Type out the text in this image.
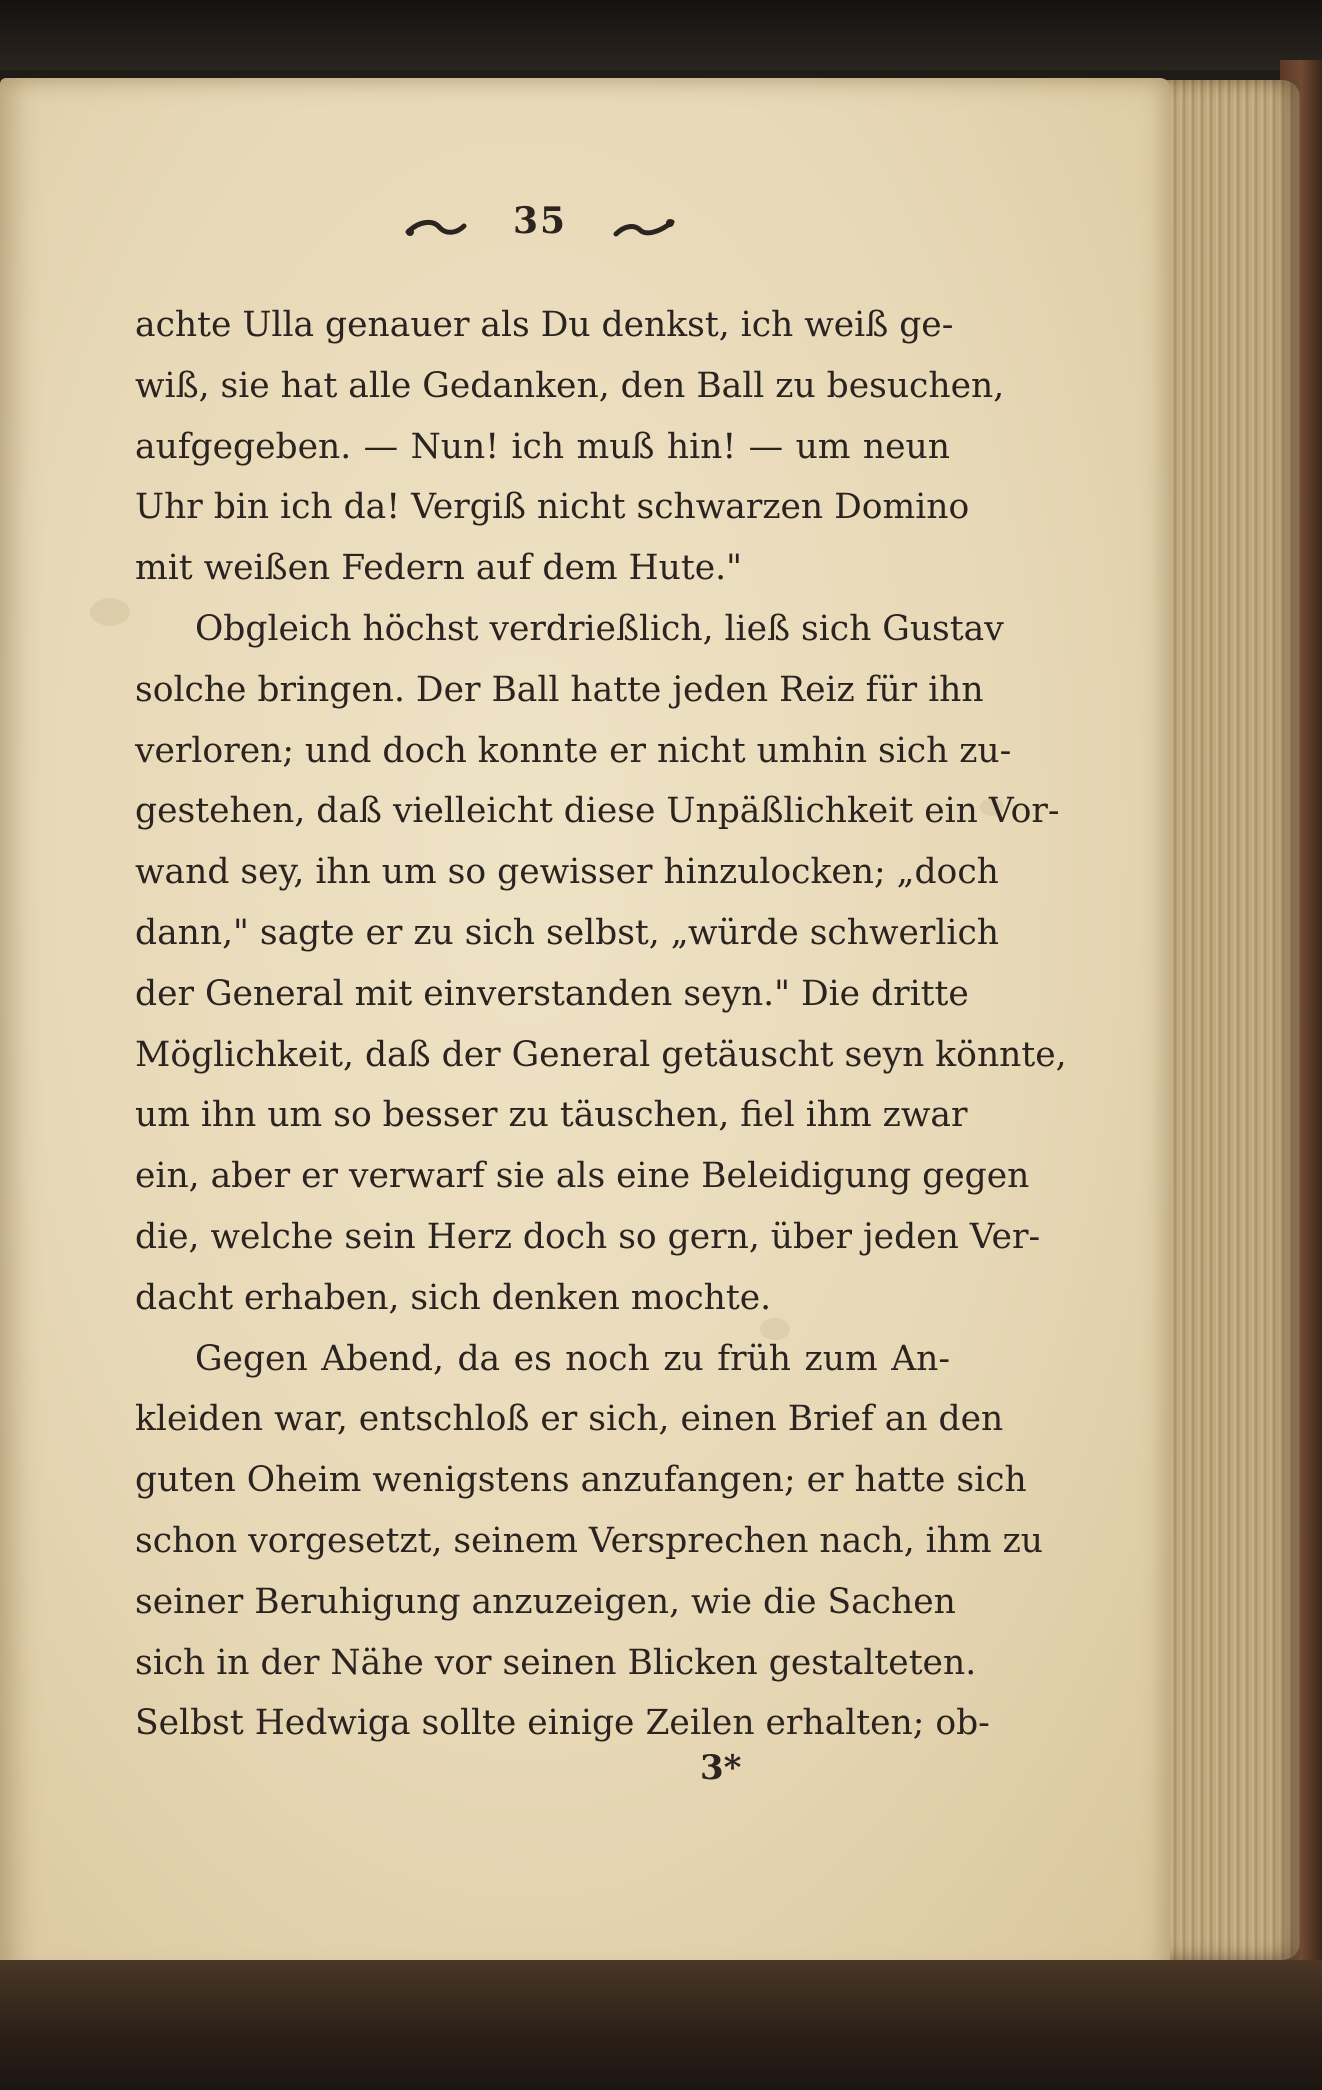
35
achte Ulla genauer als Du denkst, ich weiß ge-
wiß, sie hat alle Gedanken, den Ball zu besuchen,
aufgegeben. — Nun! ich muß hin! — um neun
Uhr bin ich da! Vergiß nicht schwarzen Domino
mit weißen Federn auf dem Hute."
Obgleich höchst verdrießlich, ließ sich Gustav
solche bringen. Der Ball hatte jeden Reiz für ihn
verloren; und doch konnte er nicht umhin sich zu-
gestehen, daß vielleicht diese Unpäßlichkeit ein Vor-
wand sey, ihn um so gewisser hinzulocken; „doch
dann," sagte er zu sich selbst, „würde schwerlich
der General mit einverstanden seyn." Die dritte
Möglichkeit, daß der General getäuscht seyn könnte,
um ihn um so besser zu täuschen, fiel ihm zwar
ein, aber er verwarf sie als eine Beleidigung gegen
die, welche sein Herz doch so gern, über jeden Ver-
dacht erhaben, sich denken mochte.
Gegen Abend, da es noch zu früh zum An-
kleiden war, entschloß er sich, einen Brief an den
guten Oheim wenigstens anzufangen; er hatte sich
schon vorgesetzt, seinem Versprechen nach, ihm zu
seiner Beruhigung anzuzeigen, wie die Sachen
sich in der Nähe vor seinen Blicken gestalteten.
Selbst Hedwiga sollte einige Zeilen erhalten; ob-
3*
